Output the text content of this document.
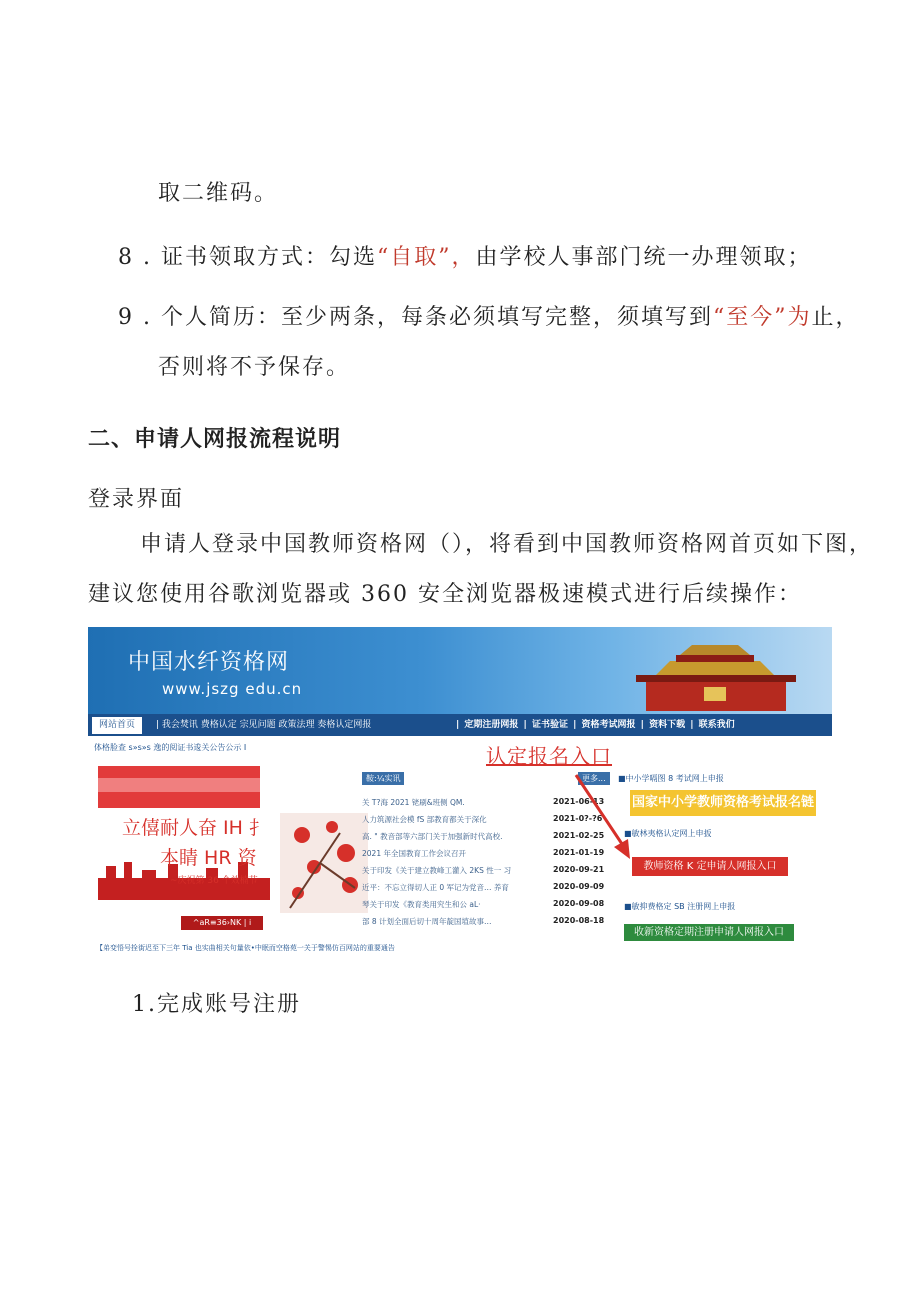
取二维码。

8 . 证书领取方式：勾选“自取”，由学校人事部门统一办理领取；

9 . 个人简历：至少两条，每条必须填写完整，须填写到“至今”为止，

否则将不予保存。

二、申请人网报流程说明

登录界面

申请人登录中国教师资格网（），将看到中国教师资格网首页如下图，

建议您使用谷歌浏览器或 360 安全浏览器极速模式进行后续操作：

中国水纤资格网
www.jszg edu.cn
网站首页	| 我会焚讯 费格认定 宗见问题 政策法理 奏格认定网报	| 定期注册网报 | 证书验证 | 资格考试网报 | 资料下载 | 联系我们
体格脸查 s»s»s 逸的阅证书逡关公告公示 I	认定报名入口
立僖耐人奋 IH 扌
本睛 HR 资
~庆祝第 36 个效楠节
^aR≡36›NK | i
鞍:¼实讯	更多...
关 T?海 2021 铑刷&班侧 QM.	2021-06-13
人力筑源社会模 fS 部教育都关于深化	2021-0?-?6
高. " 教音部等六部门关于加强新时代高校.	2021-02-25
2021 年全国教育工作会议召开	2021-01-19
关于印发《关于建立教峰工灌入 2KS 性一 习	2020-09-21
近平：不忘立得切人正 0 军记为党音… 养育	2020-09-09
琴关于印发《教育类用究生和公 aL·	2020-09-08
部 8 计划全面后切十周年靛国埴故事…	2020-08-18
■中小学嗝图 8 考试网上申报
国家中小学教师资格考试报名链接
■敏林夷格认定网上申扳
教师资格 K 定申请人网报入口
■敏抑费格定 SB 注册网上申报
收新资格定期注册申请人网报入口
【弟变悟号拴街迟至下三年 Tia 也实曲相关句量依•中眠而空格苑一关于警惕仿百网站的重要通告

1.完成账号注册
